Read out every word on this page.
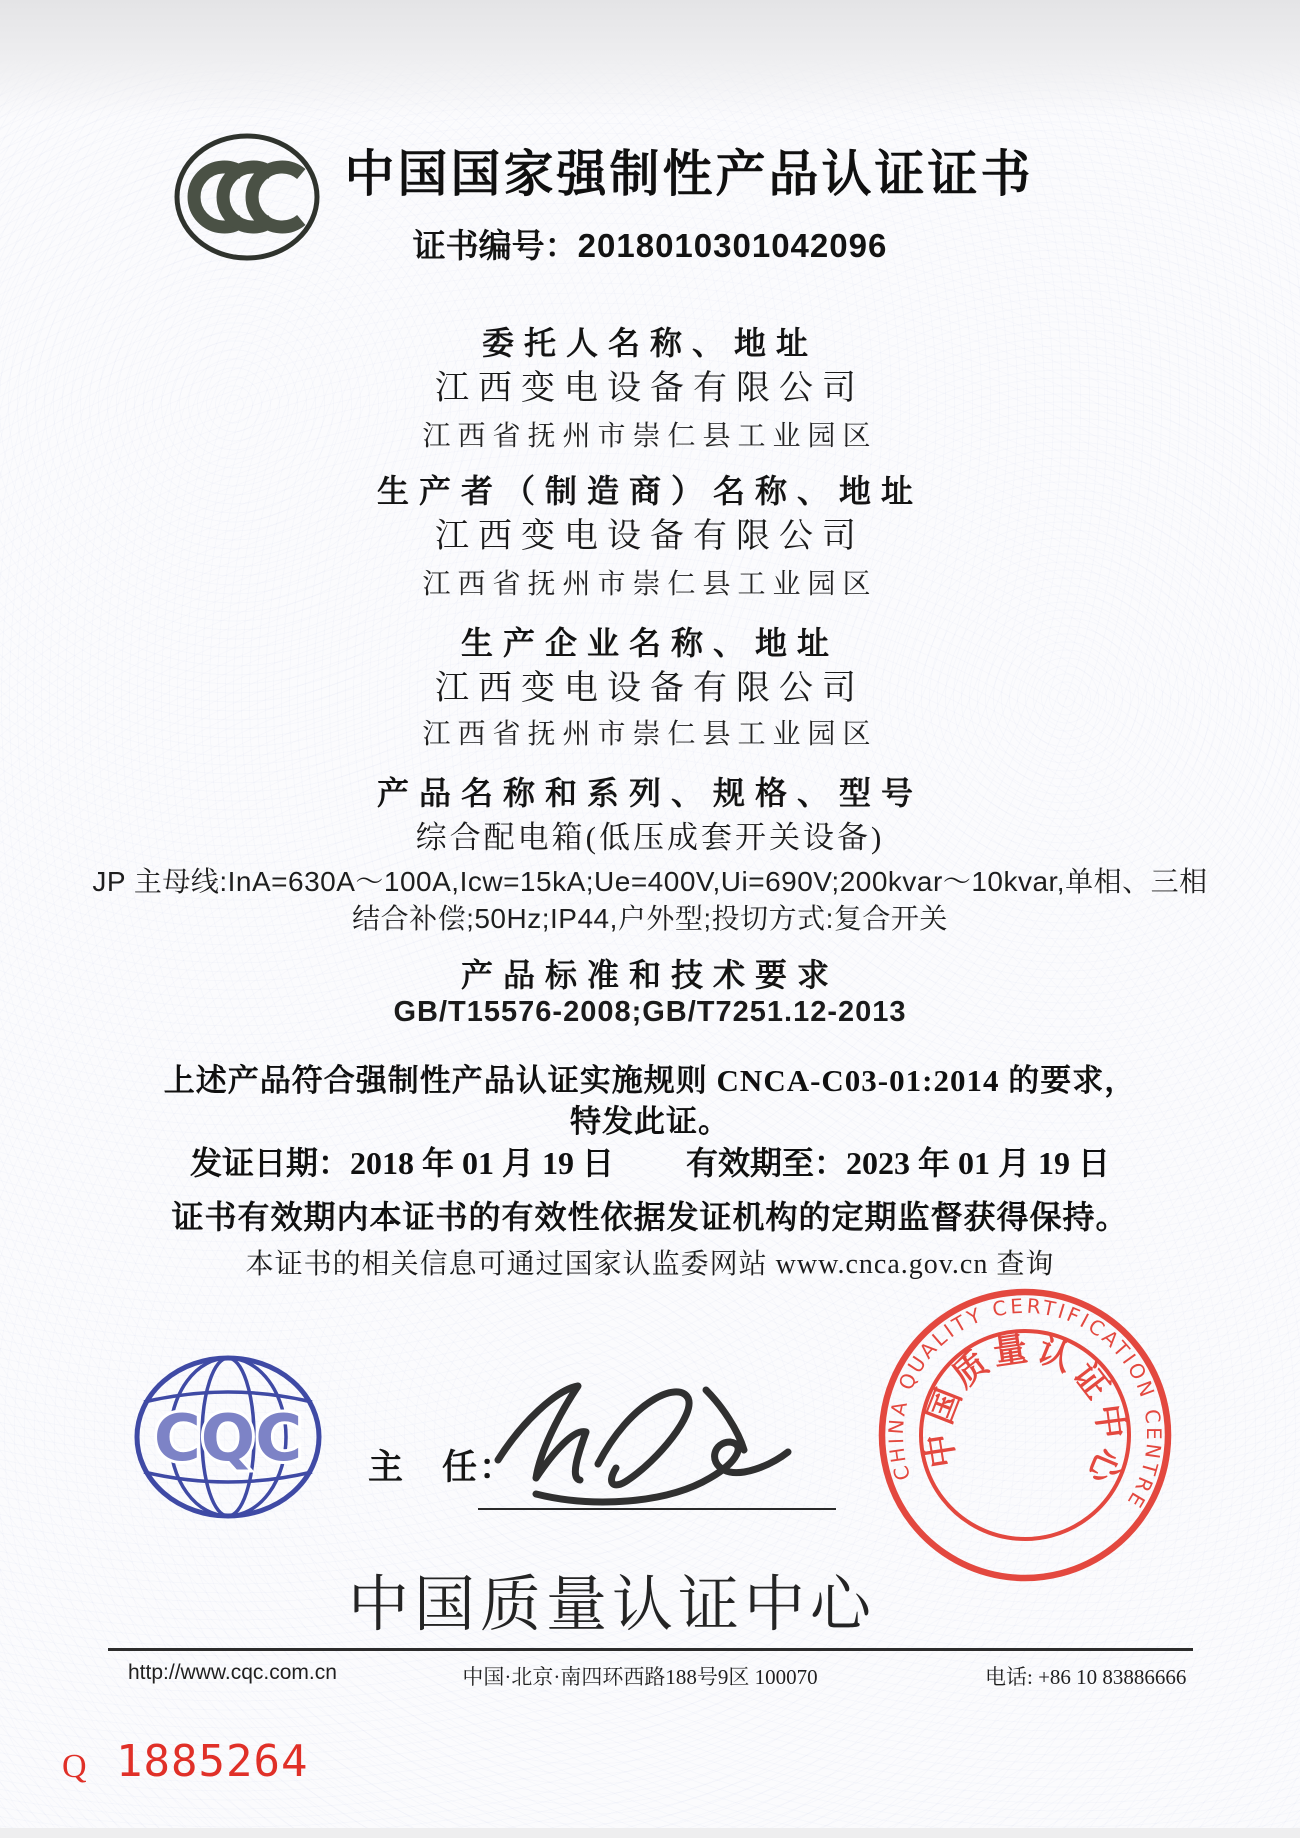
中国国家强制性产品认证证书
证书编号：2018010301042096
委托人名称、地址
江西变电设备有限公司
江西省抚州市崇仁县工业园区
生产者（制造商）名称、地址
江西变电设备有限公司
江西省抚州市崇仁县工业园区
生产企业名称、地址
江西变电设备有限公司
江西省抚州市崇仁县工业园区
产品名称和系列、规格、型号
综合配电箱(低压成套开关设备)
JP 主母线:InA=630A～100A,Icw=15kA;Ue=400V,Ui=690V;200kvar～10kvar,单相、三相
结合补偿;50Hz;IP44,户外型;投切方式:复合开关
产品标准和技术要求
GB/T15576-2008;GB/T7251.12-2013
上述产品符合强制性产品认证实施规则 CNCA-C03-01:2014 的要求，
特发此证。
发证日期：2018 年 01 月 19 日 有效期至：2023 年 01 月 19 日
证书有效期内本证书的有效性依据发证机构的定期监督获得保持。
本证书的相关信息可通过国家认监委网站 www.cnca.gov.cn 查询
CQC 主　任：	CHINA QUALITY CERTIFICATION CENTRE
中国质量认证中心
中国质量认证中心
http://www.cqc.com.cn	中国·北京·南四环西路188号9区 100070	电话: +86 10 83886666
Q 1885264
